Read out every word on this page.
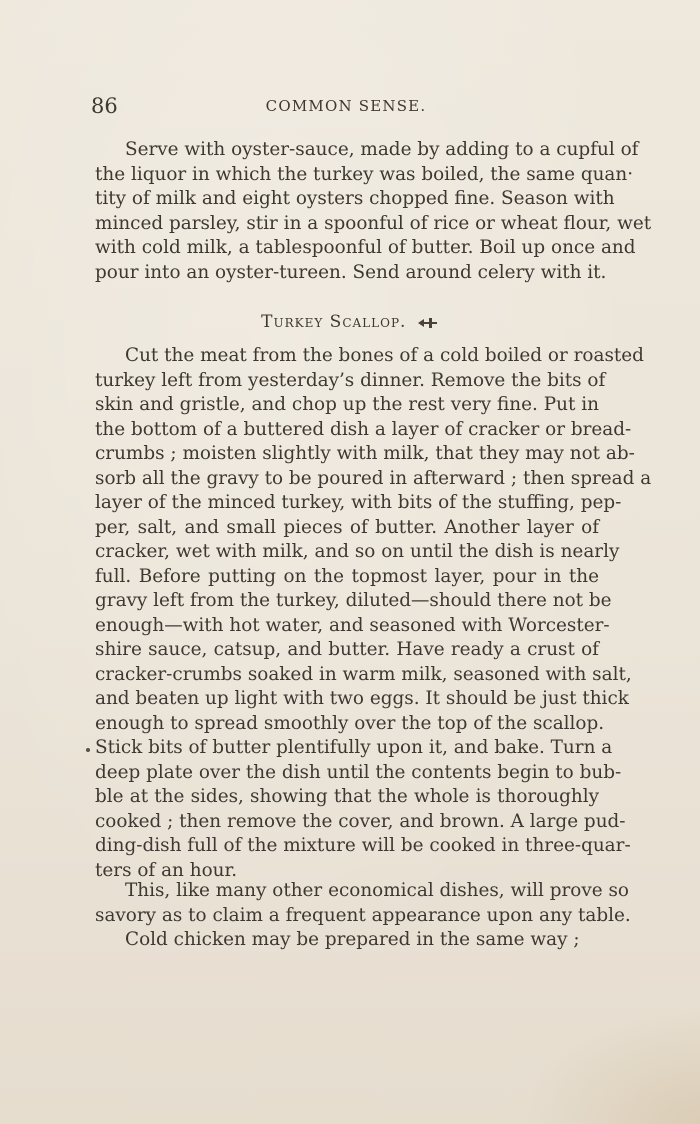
86	COMMON SENSE.
Serve with oyster-sauce, made by adding to a cupful of
the liquor in which the turkey was boiled, the same quan·
tity of milk and eight oysters chopped fine. Season with
minced parsley, stir in a spoonful of rice or wheat flour, wet
with cold milk, a tablespoonful of butter. Boil up once and
pour into an oyster-tureen. Send around celery with it.
Turkey Scallop.
Cut the meat from the bones of a cold boiled or roasted
turkey left from yesterday’s dinner. Remove the bits of
skin and gristle, and chop up the rest very fine. Put in
the bottom of a buttered dish a layer of cracker or bread-
crumbs ; moisten slightly with milk, that they may not ab-
sorb all the gravy to be poured in afterward ; then spread a
layer of the minced turkey, with bits of the stuffing, pep-
per, salt, and small pieces of butter. Another layer of
cracker, wet with milk, and so on until the dish is nearly
full. Before putting on the topmost layer, pour in the
gravy left from the turkey, diluted—should there not be
enough—with hot water, and seasoned with Worcester-
shire sauce, catsup, and butter. Have ready a crust of
cracker-crumbs soaked in warm milk, seasoned with salt,
and beaten up light with two eggs. It should be just thick
enough to spread smoothly over the top of the scallop.
Stick bits of butter plentifully upon it, and bake. Turn a
deep plate over the dish until the contents begin to bub-
ble at the sides, showing that the whole is thoroughly
cooked ; then remove the cover, and brown. A large pud-
ding-dish full of the mixture will be cooked in three-quar-
ters of an hour.
This, like many other economical dishes, will prove so
savory as to claim a frequent appearance upon any table.
Cold chicken may be prepared in the same way ;
